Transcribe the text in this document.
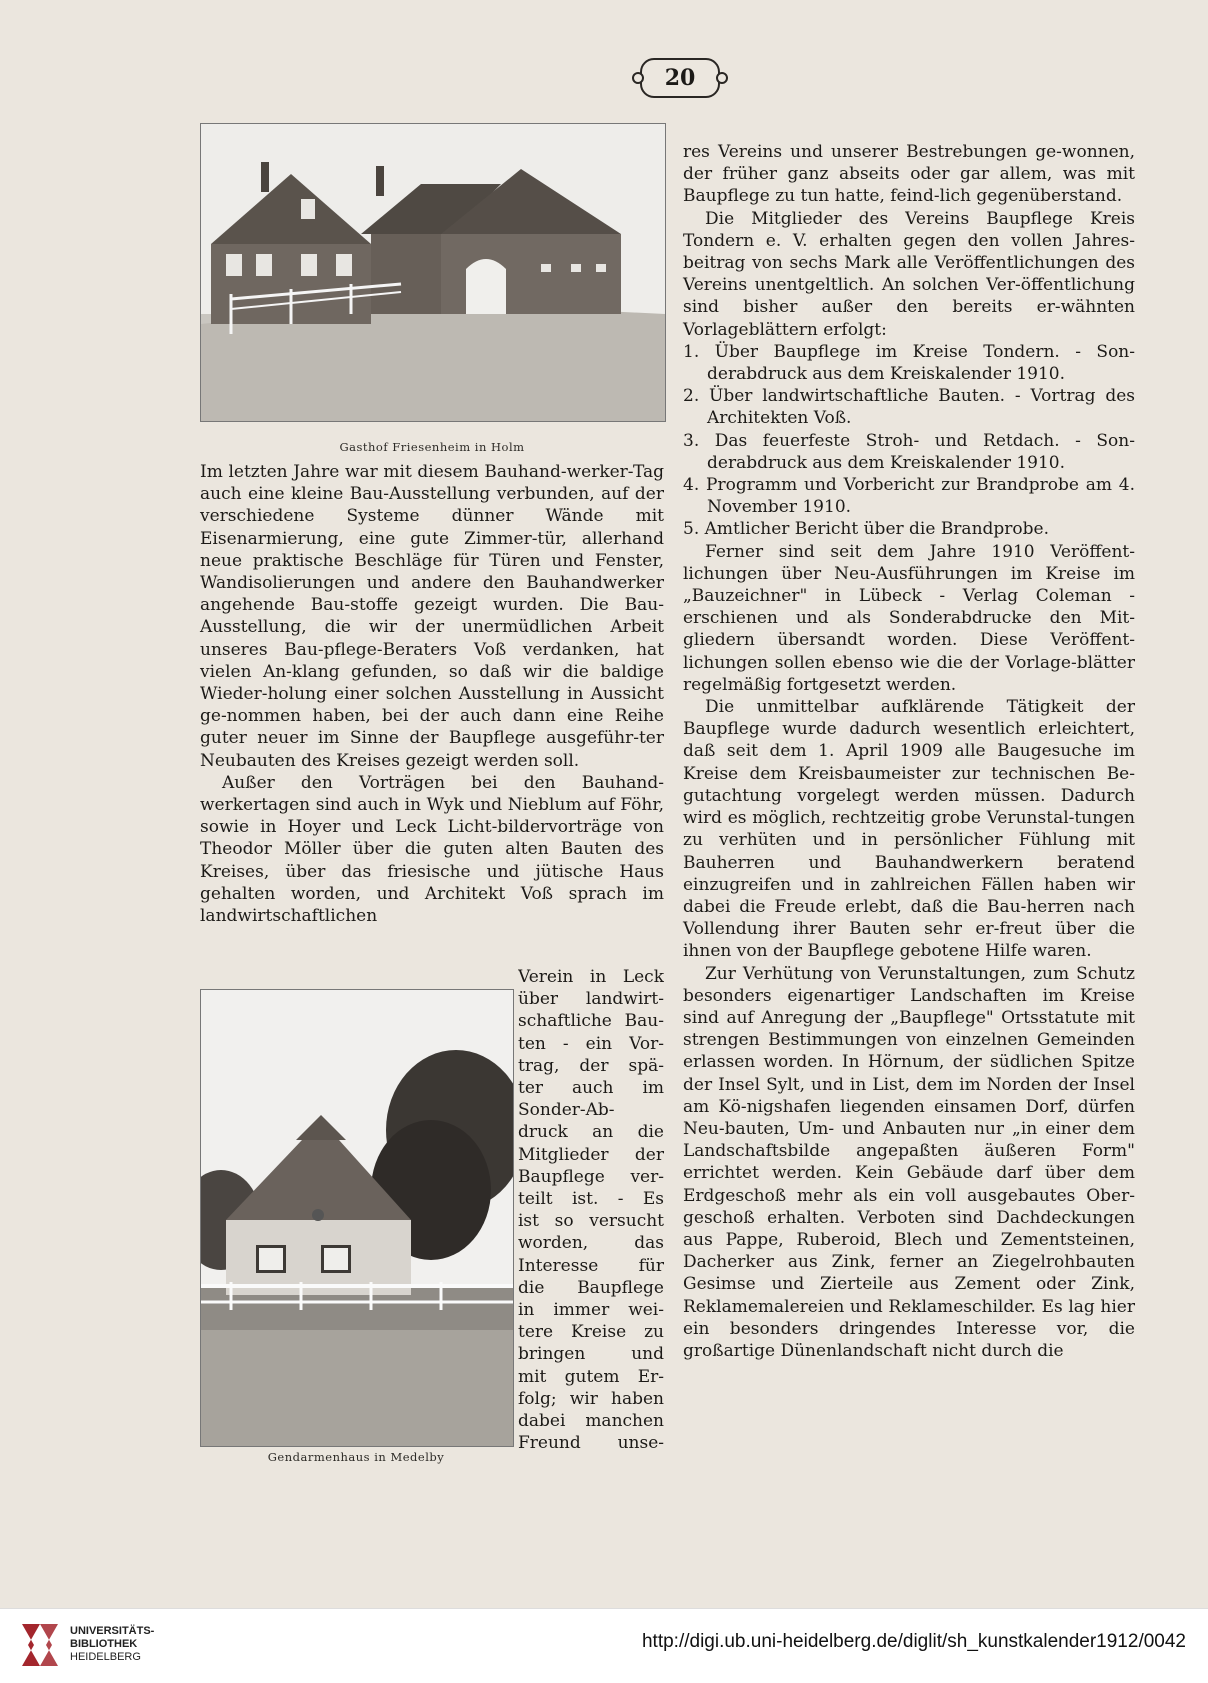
20
Gasthof Friesenheim in Holm
Gendarmenhaus in Medelby

Im letzten Jahre war mit diesem Bauhand-werker-Tag auch eine kleine Bau-Ausstellung verbunden, auf der verschiedene Systeme dünner Wände mit Eisenarmierung, eine gute Zimmer-tür, allerhand neue praktische Beschläge für Türen und Fenster, Wandisolierungen und andere den Bauhandwerker angehende Bau-stoffe gezeigt wurden. Die Bau-Ausstellung, die wir der unermüdlichen Arbeit unseres Bau-pflege-Beraters Voß verdanken, hat vielen An-klang gefunden, so daß wir die baldige Wieder-holung einer solchen Ausstellung in Aussicht ge-nommen haben, bei der auch dann eine Reihe guter neuer im Sinne der Baupflege ausgeführ-ter Neubauten des Kreises gezeigt werden soll.

Außer den Vorträgen bei den Bauhand-werkertagen sind auch in Wyk und Nieblum auf Föhr, sowie in Hoyer und Leck Licht-bildervorträge von Theodor Möller über die guten alten Bauten des Kreises, über das friesische und jütische Haus gehalten worden, und Architekt Voß sprach im landwirtschaftlichen

Verein in Leck
über landwirt-
schaftliche Bau-
ten - ein Vor-
trag, der spä-
ter auch im
Sonder-Ab-
druck an die
Mitglieder der
Baupflege ver-
teilt ist. - Es
ist so versucht
worden, das
Interesse für
die Baupflege
in immer wei-
tere Kreise zu
bringen und
mit gutem Er-
folg; wir haben
dabei manchen
Freund unse-

res Vereins und unserer Bestrebungen ge-wonnen, der früher ganz abseits oder gar allem, was mit Baupflege zu tun hatte, feind-lich gegenüberstand.

Die Mitglieder des Vereins Baupflege Kreis Tondern e. V. erhalten gegen den vollen Jahres-beitrag von sechs Mark alle Veröffentlichungen des Vereins unentgeltlich. An solchen Ver-öffentlichung sind bisher außer den bereits er-wähnten Vorlageblättern erfolgt:

1. Über Baupflege im Kreise Tondern. - Son-derabdruck aus dem Kreiskalender 1910.
2. Über landwirtschaftliche Bauten. - Vortrag des Architekten Voß.
3. Das feuerfeste Stroh- und Retdach. - Son-derabdruck aus dem Kreiskalender 1910.
4. Programm und Vorbericht zur Brandprobe am 4. November 1910.
5. Amtlicher Bericht über die Brandprobe.

Ferner sind seit dem Jahre 1910 Veröffent-lichungen über Neu-Ausführungen im Kreise im „Bauzeichner" in Lübeck - Verlag Coleman - erschienen und als Sonderabdrucke den Mit-gliedern übersandt worden. Diese Veröffent-lichungen sollen ebenso wie die der Vorlage-blätter regelmäßig fortgesetzt werden.

Die unmittelbar aufklärende Tätigkeit der Baupflege wurde dadurch wesentlich erleichtert, daß seit dem 1. April 1909 alle Baugesuche im Kreise dem Kreisbaumeister zur technischen Be-gutachtung vorgelegt werden müssen. Dadurch wird es möglich, rechtzeitig grobe Verunstal-tungen zu verhüten und in persönlicher Fühlung mit Bauherren und Bauhandwerkern beratend einzugreifen und in zahlreichen Fällen haben wir dabei die Freude erlebt, daß die Bau-herren nach Vollendung ihrer Bauten sehr er-freut über die ihnen von der Baupflege gebotene Hilfe waren.

Zur Verhütung von Verunstaltungen, zum Schutz besonders eigenartiger Landschaften im Kreise sind auf Anregung der „Baupflege" Ortsstatute mit strengen Bestimmungen von einzelnen Gemeinden erlassen worden. In Hörnum, der südlichen Spitze der Insel Sylt, und in List, dem im Norden der Insel am Kö-nigshafen liegenden einsamen Dorf, dürfen Neu-bauten, Um- und Anbauten nur „in einer dem Landschaftsbilde angepaßten äußeren Form" errichtet werden. Kein Gebäude darf über dem Erdgeschoß mehr als ein voll ausgebautes Ober-geschoß erhalten. Verboten sind Dachdeckungen aus Pappe, Ruberoid, Blech und Zementsteinen, Dacherker aus Zink, ferner an Ziegelrohbauten Gesimse und Zierteile aus Zement oder Zink, Reklamemalereien und Reklameschilder. Es lag hier ein besonders dringendes Interesse vor, die großartige Dünenlandschaft nicht durch die

UNIVERSITÄTS-
BIBLIOTHEK
HEIDELBERG
http://digi.ub.uni-heidelberg.de/diglit/sh_kunstkalender1912/0042
